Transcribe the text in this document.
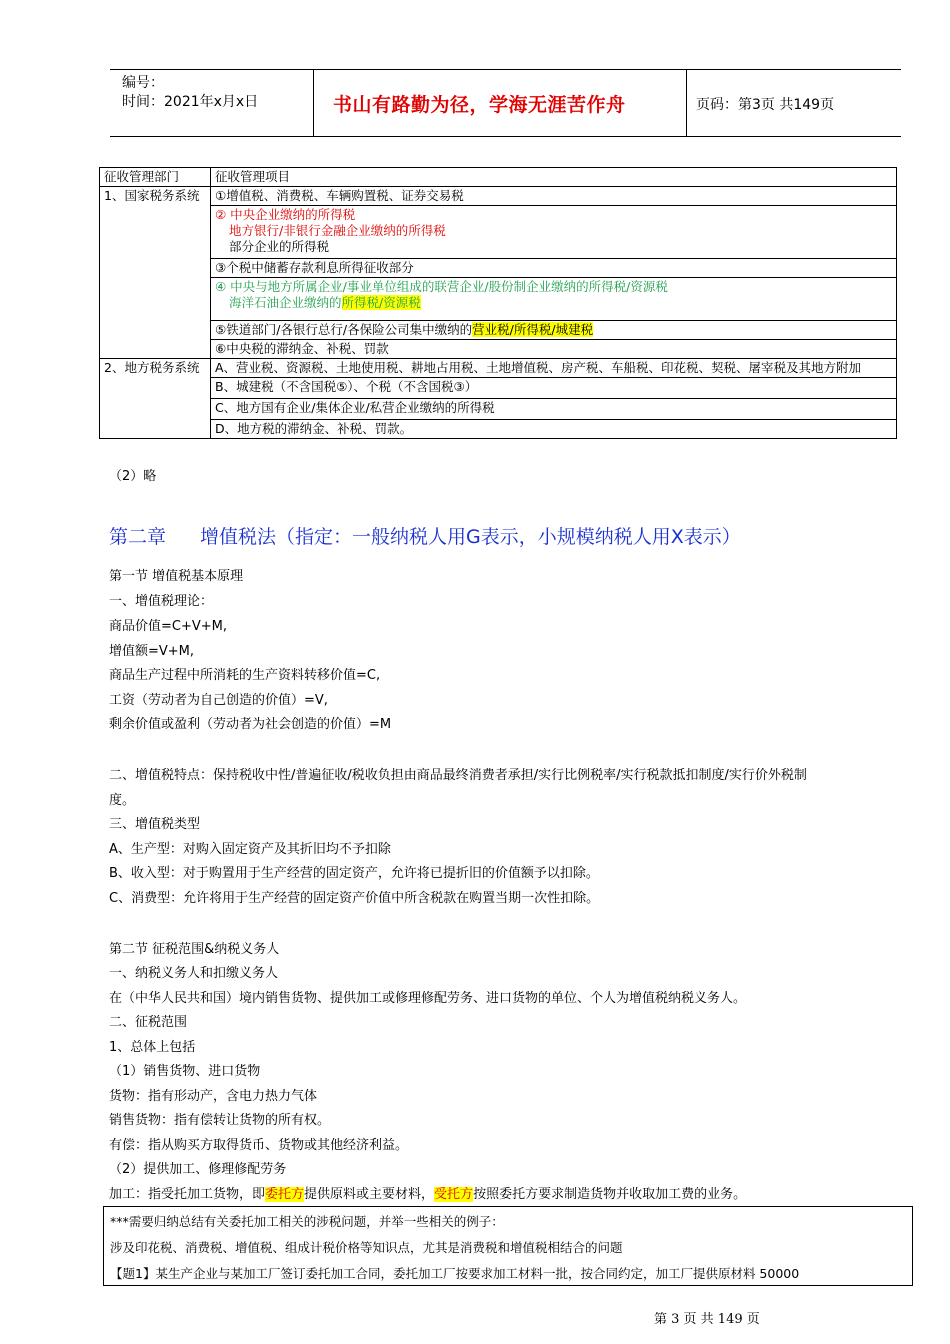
编号：
时间：2021年x月x日	书山有路勤为径，学海无涯苦作舟	页码：第3页 共149页
征收管理部门	征收管理项目
1、国家税务系统	①增值税、消费税、车辆购置税、证券交易税
	② 中央企业缴纳的所得税

地方银行/非银行金融企业缴纳的所得税
部分企业的所得税

	③个税中储蓄存款利息所得征收部分
	④ 中央与地方所属企业/事业单位组成的联营企业/股份制企业缴纳的所得税/资源税

海洋石油企业缴纳的所得税/资源税

	⑤铁道部门/各银行总行/各保险公司集中缴纳的营业税/所得税/城建税
	⑥中央税的滞纳金、补税、罚款
2、地方税务系统	A、营业税、资源税、土地使用税、耕地占用税、土地增值税、房产税、车船税、印花税、契税、屠宰税及其地方附加
	B、城建税（不含国税⑤）、个税（不含国税③）
	C、地方国有企业/集体企业/私营企业缴纳的所得税
	D、地方税的滞纳金、补税、罚款。
（2）略
第二章 增值税法（指定：一般纳税人用G表示，小规模纳税人用X表示）
第一节 增值税基本原理
一、增值税理论：
商品价值=C+V+M,
增值额=V+M,
商品生产过程中所消耗的生产资料转移价值=C,
工资（劳动者为自己创造的价值）=V,
剩余价值或盈利（劳动者为社会创造的价值）=M
二、增值税特点：保持税收中性/普遍征收/税收负担由商品最终消费者承担/实行比例税率/实行税款抵扣制度/实行价外税制
度。
三、增值税类型
A、生产型：对购入固定资产及其折旧均不予扣除
B、收入型：对于购置用于生产经营的固定资产，允许将已提折旧的价值额予以扣除。
C、消费型：允许将用于生产经营的固定资产价值中所含税款在购置当期一次性扣除。
第二节 征税范围&纳税义务人
一、纳税义务人和扣缴义务人
在（中华人民共和国）境内销售货物、提供加工或修理修配劳务、进口货物的单位、个人为增值税纳税义务人。
二、征税范围
1、总体上包括
（1）销售货物、进口货物
货物：指有形动产，含电力热力气体
销售货物：指有偿转让货物的所有权。
有偿：指从购买方取得货币、货物或其他经济利益。
（2）提供加工、修理修配劳务
加工：指受托加工货物，即委托方提供原料或主要材料，受托方按照委托方要求制造货物并收取加工费的业务。
***需要归纳总结有关委托加工相关的涉税问题，并举一些相关的例子：
涉及印花税、消费税、增值税、组成计税价格等知识点，尤其是消费税和增值税相结合的问题
【题1】某生产企业与某加工厂签订委托加工合同，委托加工厂按要求加工材料一批，按合同约定，加工厂提供原材料 50000
第 3 页 共 149 页
